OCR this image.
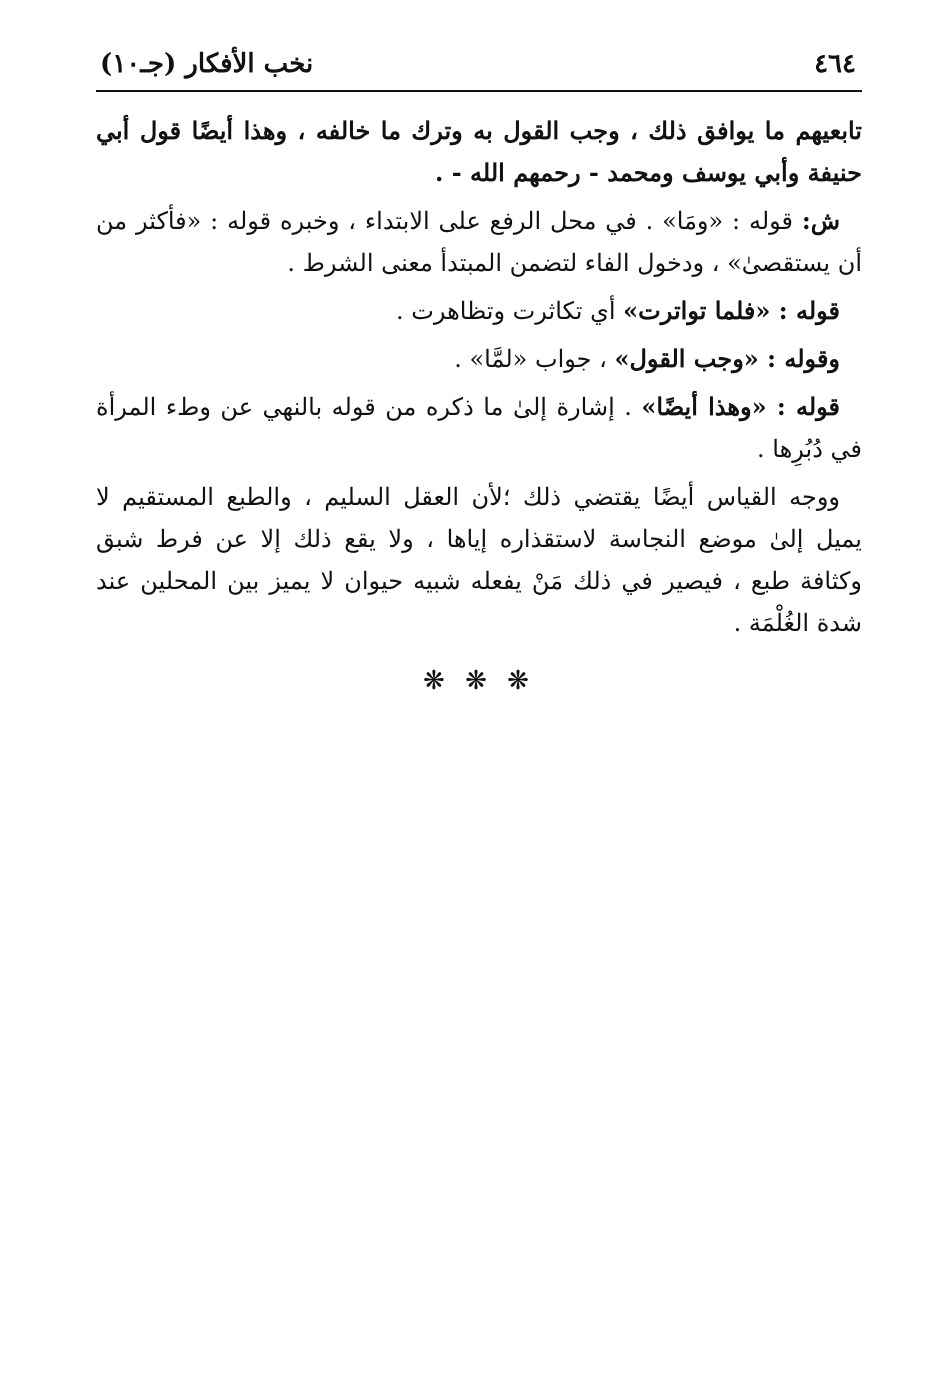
٤٦٤
نخب الأفكار (جـ١٠)

تابعيهم ما يوافق ذلك ، وجب القول به وترك ما خالفه ، وهذا أيضًا قول أبي حنيفة وأبي يوسف ومحمد - رحمهم الله - .

ش: قوله : «ومَا» . في محل الرفع على الابتداء ، وخبره قوله : «فأكثر من أن يستقصىٰ» ، ودخول الفاء لتضمن المبتدأ معنى الشرط .

قوله : «فلما تواترت» أي تكاثرت وتظاهرت .

وقوله : «وجب القول» ، جواب «لمَّا» .

قوله : «وهذا أيضًا» . إشارة إلىٰ ما ذكره من قوله بالنهي عن وطء المرأة في دُبُرِها .

ووجه القياس أيضًا يقتضي ذلك ؛لأن العقل السليم ، والطبع المستقيم لا يميل إلىٰ موضع النجاسة لاستقذاره إياها ، ولا يقع ذلك إلا عن فرط شبق وكثافة طبع ، فيصير في ذلك مَنْ يفعله شبيه حيوان لا يميز بين المحلين عند شدة الغُلْمَة .

❋ ❋ ❋
